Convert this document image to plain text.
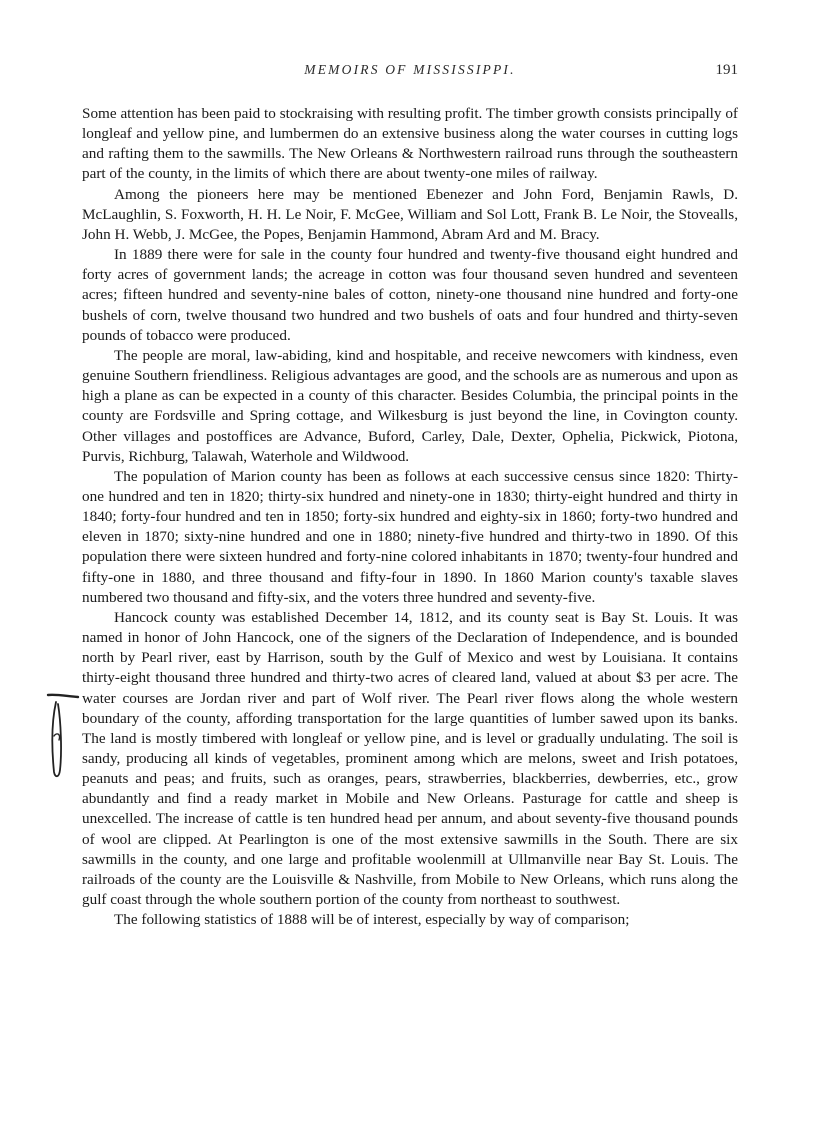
MEMOIRS OF MISSISSIPPI.	191

Some attention has been paid to stockraising with resulting profit. The timber growth consists principally of longleaf and yellow pine, and lumbermen do an extensive business along the water courses in cutting logs and rafting them to the sawmills. The New Orleans & Northwestern railroad runs through the southeastern part of the county, in the limits of which there are about twenty-one miles of railway.

Among the pioneers here may be mentioned Ebenezer and John Ford, Benjamin Rawls, D. McLaughlin, S. Foxworth, H. H. Le Noir, F. McGee, William and Sol Lott, Frank B. Le Noir, the Stovealls, John H. Webb, J. McGee, the Popes, Benjamin Hammond, Abram Ard and M. Bracy.

In 1889 there were for sale in the county four hundred and twenty-five thousand eight hundred and forty acres of government lands; the acreage in cotton was four thousand seven hundred and seventeen acres; fifteen hundred and seventy-nine bales of cotton, ninety-one thousand nine hundred and forty-one bushels of corn, twelve thousand two hundred and two bushels of oats and four hundred and thirty-seven pounds of tobacco were produced.

The people are moral, law-abiding, kind and hospitable, and receive newcomers with kindness, even genuine Southern friendliness. Religious advantages are good, and the schools are as numerous and upon as high a plane as can be expected in a county of this character. Besides Columbia, the principal points in the county are Fordsville and Spring cottage, and Wilkesburg is just beyond the line, in Covington county. Other villages and postoffices are Advance, Buford, Carley, Dale, Dexter, Ophelia, Pickwick, Piotona, Purvis, Richburg, Talawah, Waterhole and Wildwood.

The population of Marion county has been as follows at each successive census since 1820: Thirty-one hundred and ten in 1820; thirty-six hundred and ninety-one in 1830; thirty-eight hundred and thirty in 1840; forty-four hundred and ten in 1850; forty-six hundred and eighty-six in 1860; forty-two hundred and eleven in 1870; sixty-nine hundred and one in 1880; ninety-five hundred and thirty-two in 1890. Of this population there were sixteen hundred and forty-nine colored inhabitants in 1870; twenty-four hundred and fifty-one in 1880, and three thousand and fifty-four in 1890. In 1860 Marion county's taxable slaves numbered two thousand and fifty-six, and the voters three hundred and seventy-five.

Hancock county was established December 14, 1812, and its county seat is Bay St. Louis. It was named in honor of John Hancock, one of the signers of the Declaration of Independence, and is bounded north by Pearl river, east by Harrison, south by the Gulf of Mexico and west by Louisiana. It contains thirty-eight thousand three hundred and thirty-two acres of cleared land, valued at about $3 per acre. The water courses are Jordan river and part of Wolf river. The Pearl river flows along the whole western boundary of the county, affording transportation for the large quantities of lumber sawed upon its banks. The land is mostly timbered with longleaf or yellow pine, and is level or gradually undulating. The soil is sandy, producing all kinds of vegetables, prominent among which are melons, sweet and Irish potatoes, peanuts and peas; and fruits, such as oranges, pears, strawberries, blackberries, dewberries, etc., grow abundantly and find a ready market in Mobile and New Orleans. Pasturage for cattle and sheep is unexcelled. The increase of cattle is ten hundred head per annum, and about seventy-five thousand pounds of wool are clipped. At Pearlington is one of the most extensive sawmills in the South. There are six sawmills in the county, and one large and profitable woolenmill at Ullmanville near Bay St. Louis. The railroads of the county are the Louisville & Nashville, from Mobile to New Orleans, which runs along the gulf coast through the whole southern portion of the county from northeast to southwest.

The following statistics of 1888 will be of interest, especially by way of comparison;
